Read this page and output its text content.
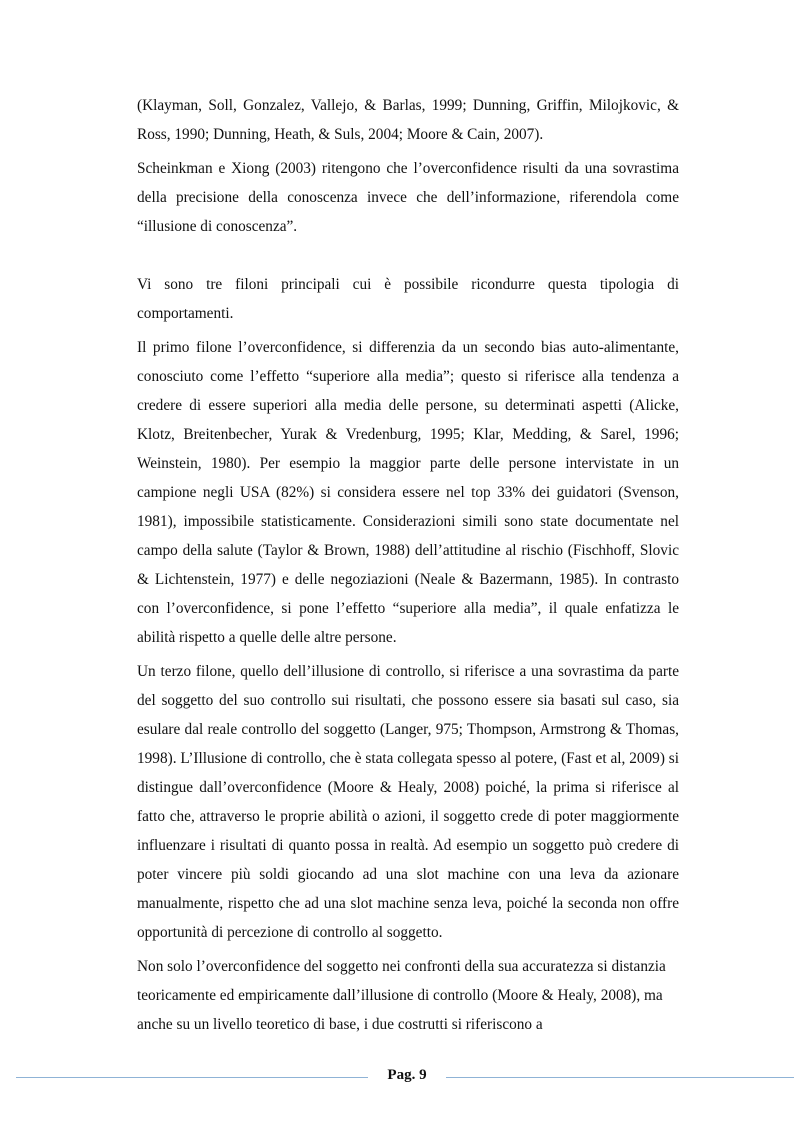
(Klayman, Soll, Gonzalez, Vallejo, & Barlas, 1999; Dunning, Griffin, Milojkovic, & Ross, 1990; Dunning, Heath, & Suls, 2004; Moore & Cain, 2007).

Scheinkman e Xiong (2003) ritengono che l’overconfidence risulti da una sovrastima della precisione della conoscenza invece che dell’informazione, riferendola come “illusione di conoscenza”.

Vi sono tre filoni principali cui è possibile ricondurre questa tipologia di comportamenti.

Il primo filone l’overconfidence, si differenzia da un secondo bias auto-alimentante, conosciuto come l’effetto “superiore alla media”; questo si riferisce alla tendenza a credere di essere superiori alla media delle persone, su determinati aspetti (Alicke, Klotz, Breitenbecher, Yurak & Vredenburg, 1995; Klar, Medding, & Sarel, 1996; Weinstein, 1980). Per esempio la maggior parte delle persone intervistate in un campione negli USA (82%) si considera essere nel top 33% dei guidatori (Svenson, 1981), impossibile statisticamente. Considerazioni simili sono state documentate nel campo della salute (Taylor & Brown, 1988) dell’attitudine al rischio (Fischhoff, Slovic & Lichtenstein, 1977) e delle negoziazioni (Neale & Bazermann, 1985). In contrasto con l’overconfidence, si pone l’effetto “superiore alla media”, il quale enfatizza le abilità rispetto a quelle delle altre persone.

Un terzo filone, quello dell’illusione di controllo, si riferisce a una sovrastima da parte del soggetto del suo controllo sui risultati, che possono essere sia basati sul caso, sia esulare dal reale controllo del soggetto (Langer, 975; Thompson, Armstrong & Thomas, 1998). L’Illusione di controllo, che è stata collegata spesso al potere, (Fast et al, 2009) si distingue dall’overconfidence (Moore & Healy, 2008) poiché, la prima si riferisce al fatto che, attraverso le proprie abilità o azioni, il soggetto crede di poter maggiormente influenzare i risultati di quanto possa in realtà. Ad esempio un soggetto può credere di poter vincere più soldi giocando ad una slot machine con una leva da azionare manualmente, rispetto che ad una slot machine senza leva, poiché la seconda non offre opportunità di percezione di controllo al soggetto.

Non solo l’overconfidence del soggetto nei confronti della sua accuratezza si distanzia teoricamente ed empiricamente dall’illusione di controllo (Moore & Healy, 2008), ma anche su un livello teoretico di base, i due costrutti si riferiscono a

Pag. 9
